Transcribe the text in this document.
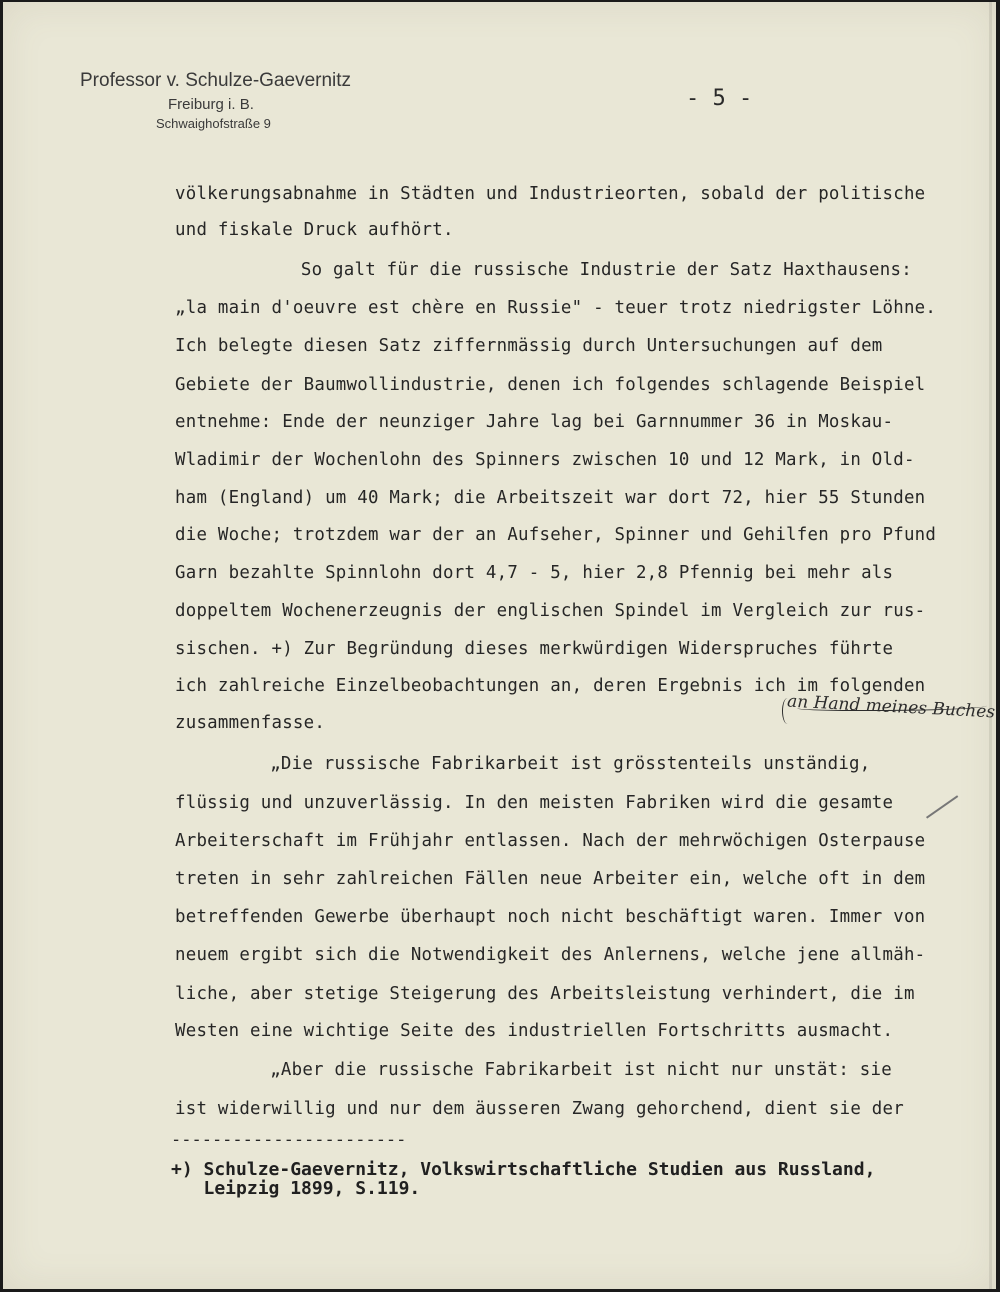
Professor v. Schulze-Gaevernitz
Freiburg i. B.
Schwaighofstraße 9
- 5 -
völkerungsabnahme in Städten und Industrieorten, sobald der politische
und fiskale Druck aufhört.
So galt für die russische Industrie der Satz Haxthausens:
„la main d'oeuvre est chère en Russie" - teuer trotz niedrigster Löhne.
Ich belegte diesen Satz ziffernmässig durch Untersuchungen auf dem
Gebiete der Baumwollindustrie, denen ich folgendes schlagende Beispiel
entnehme: Ende der neunziger Jahre lag bei Garnnummer 36 in Moskau-
Wladimir der Wochenlohn des Spinners zwischen 10 und 12 Mark, in Old-
ham (England) um 40 Mark; die Arbeitszeit war dort 72, hier 55 Stunden
die Woche; trotzdem war der an Aufseher, Spinner und Gehilfen pro Pfund
Garn bezahlte Spinnlohn dort 4,7 - 5, hier 2,8 Pfennig bei mehr als
doppeltem Wochenerzeugnis der englischen Spindel im Vergleich zur rus-
sischen. +) Zur Begründung dieses merkwürdigen Widerspruches führte
ich zahlreiche Einzelbeobachtungen an, deren Ergebnis ich im folgenden
zusammenfasse.
„Die russische Fabrikarbeit ist grösstenteils unständig,
flüssig und unzuverlässig. In den meisten Fabriken wird die gesamte
Arbeiterschaft im Frühjahr entlassen. Nach der mehrwöchigen Osterpause
treten in sehr zahlreichen Fällen neue Arbeiter ein, welche oft in dem
betreffenden Gewerbe überhaupt noch nicht beschäftigt waren. Immer von
neuem ergibt sich die Notwendigkeit des Anlernens, welche jene allmäh-
liche, aber stetige Steigerung des Arbeitsleistung verhindert, die im
Westen eine wichtige Seite des industriellen Fortschritts ausmacht.
„Aber die russische Fabrikarbeit ist nicht nur unstät: sie
ist widerwillig und nur dem äusseren Zwang gehorchend, dient sie der
an Hand meines Buches
-----------------------
+) Schulze-Gaevernitz, Volkswirtschaftliche Studien aus Russland,
Leipzig 1899, S.119.
